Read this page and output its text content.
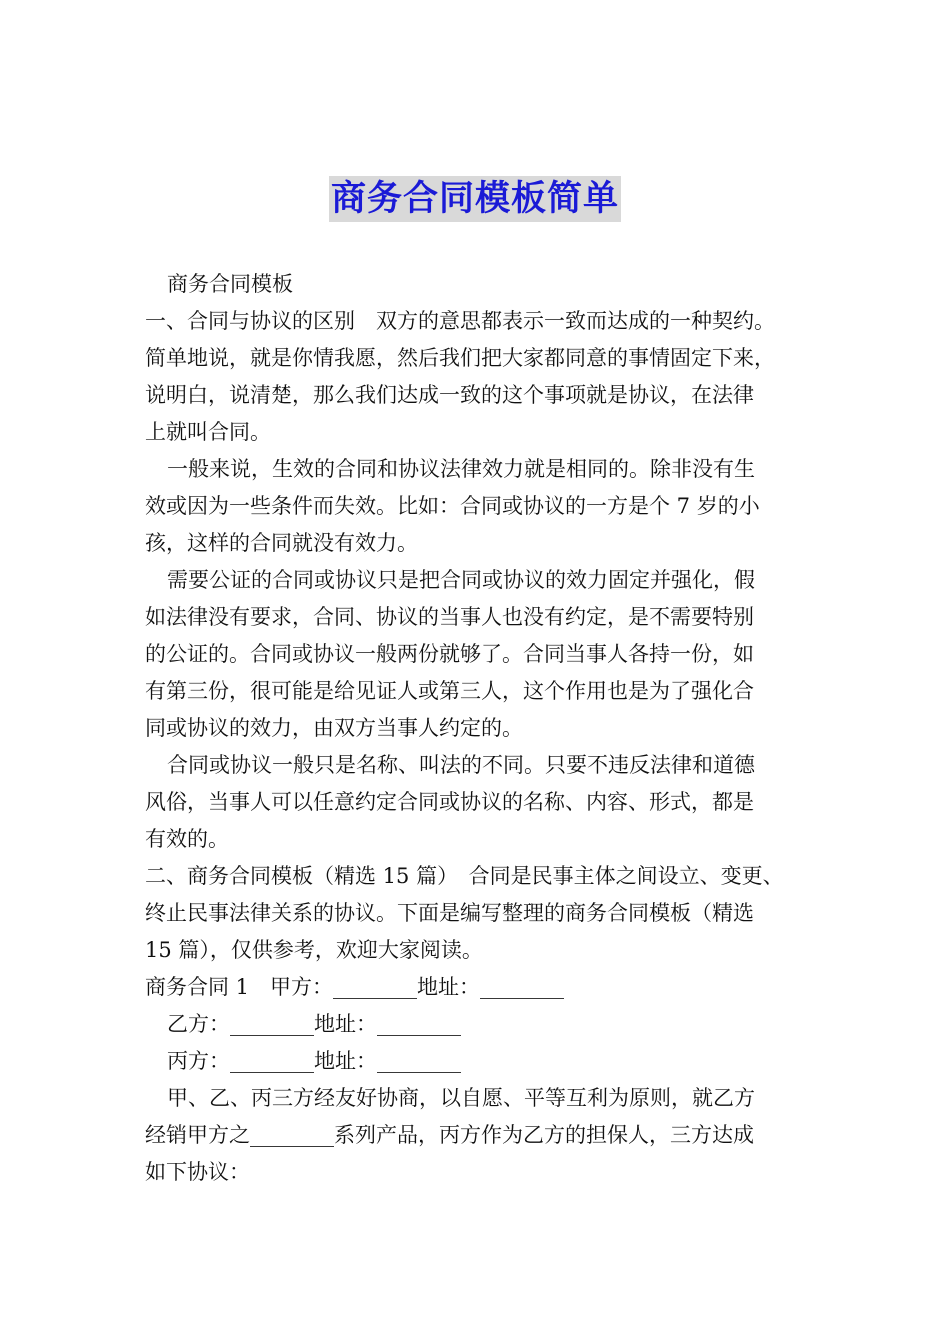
商务合同模板简单
商务合同模板
一、合同与协议的区别　双方的意思都表示一致而达成的一种契约。
简单地说，就是你情我愿，然后我们把大家都同意的事情固定下来，
说明白，说清楚，那么我们达成一致的这个事项就是协议，在法律
上就叫合同。
一般来说，生效的合同和协议法律效力就是相同的。除非没有生
效或因为一些条件而失效。比如：合同或协议的一方是个 7 岁的小
孩，这样的合同就没有效力。
需要公证的合同或协议只是把合同或协议的效力固定并强化，假
如法律没有要求，合同、协议的当事人也没有约定，是不需要特别
的公证的。合同或协议一般两份就够了。合同当事人各持一份，如
有第三份，很可能是给见证人或第三人，这个作用也是为了强化合
同或协议的效力，由双方当事人约定的。
合同或协议一般只是名称、叫法的不同。只要不违反法律和道德
风俗，当事人可以任意约定合同或协议的名称、内容、形式，都是
有效的。
二、商务合同模板（精选 15 篇）　合同是民事主体之间设立、变更、
终止民事法律关系的协议。下面是编写整理的商务合同模板（精选
15 篇），仅供参考，欢迎大家阅读。
商务合同 1　甲方：________地址：________
乙方：________地址：________
丙方：________地址：________
甲、乙、丙三方经友好协商，以自愿、平等互利为原则，就乙方
经销甲方之________系列产品，丙方作为乙方的担保人，三方达成
如下协议：
